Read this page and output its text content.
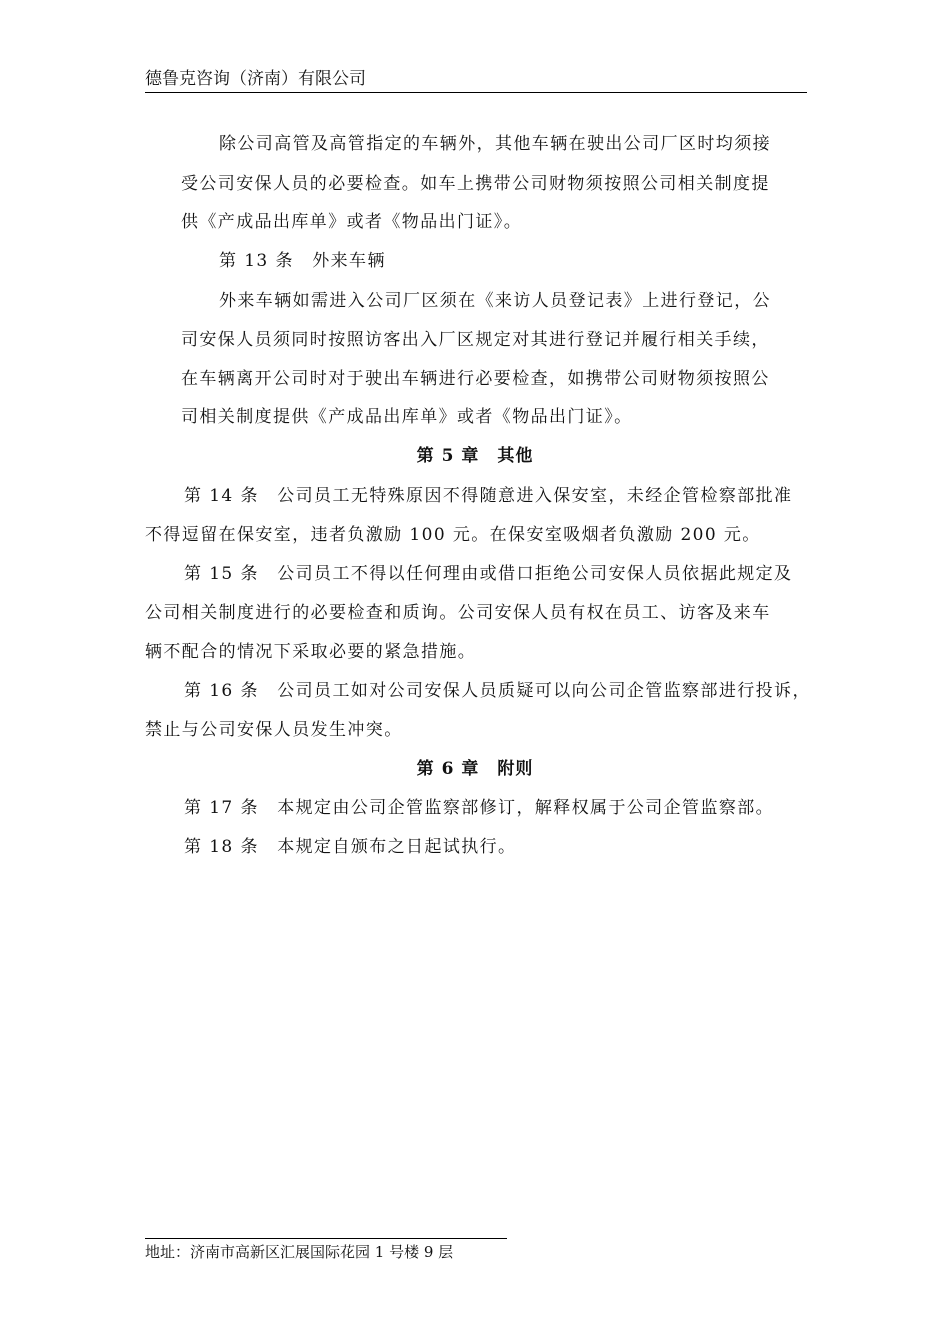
德鲁克咨询（济南）有限公司
除公司高管及高管指定的车辆外，其他车辆在驶出公司厂区时均须接
受公司安保人员的必要检查。如车上携带公司财物须按照公司相关制度提
供《产成品出库单》或者《物品出门证》。
第 13 条　外来车辆
外来车辆如需进入公司厂区须在《来访人员登记表》上进行登记，公
司安保人员须同时按照访客出入厂区规定对其进行登记并履行相关手续，
在车辆离开公司时对于驶出车辆进行必要检查，如携带公司财物须按照公
司相关制度提供《产成品出库单》或者《物品出门证》。
第 5 章　其他
第 14 条　公司员工无特殊原因不得随意进入保安室，未经企管检察部批准
不得逗留在保安室，违者负激励 100 元。在保安室吸烟者负激励 200 元。
第 15 条　公司员工不得以任何理由或借口拒绝公司安保人员依据此规定及
公司相关制度进行的必要检查和质询。公司安保人员有权在员工、访客及来车
辆不配合的情况下采取必要的紧急措施。
第 16 条　公司员工如对公司安保人员质疑可以向公司企管监察部进行投诉，
禁止与公司安保人员发生冲突。
第 6 章　附则
第 17 条　本规定由公司企管监察部修订，解释权属于公司企管监察部。
第 18 条　本规定自颁布之日起试执行。
地址：济南市高新区汇展国际花园 1 号楼 9 层
